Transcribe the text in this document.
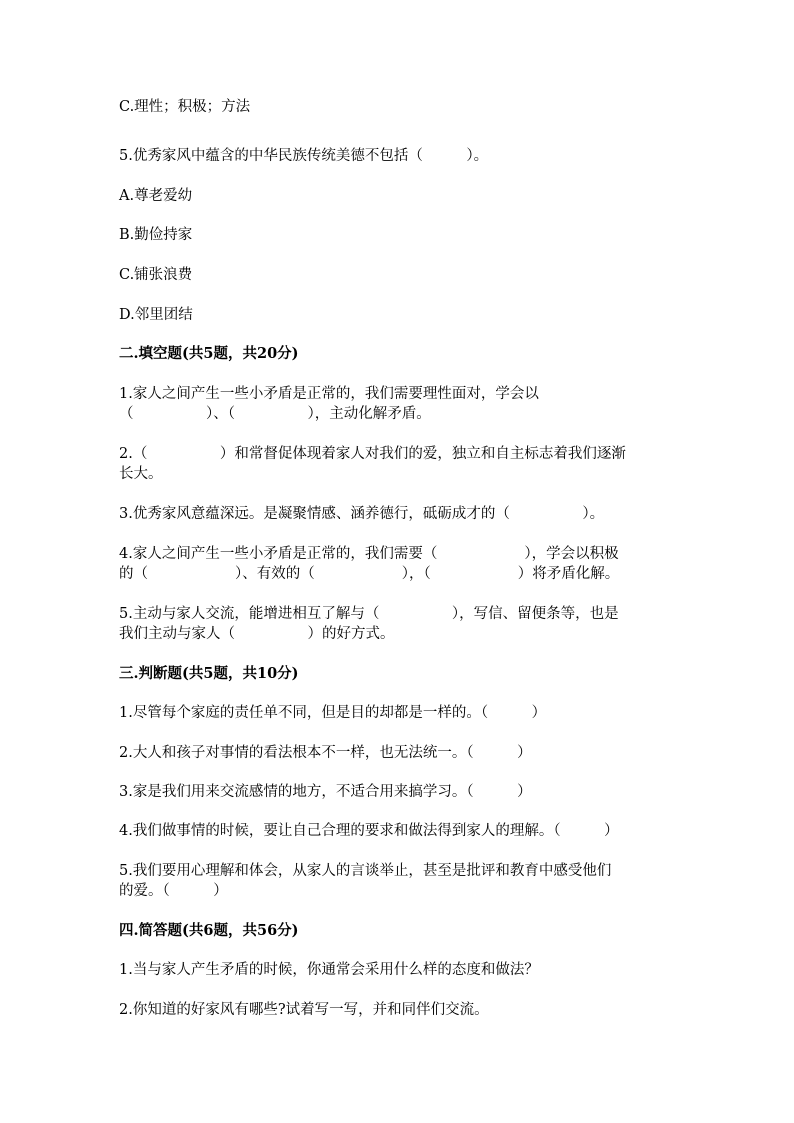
C.理性；积极；方法
5.优秀家风中蕴含的中华民族传统美德不包括（　　　）。
A.尊老爱幼
B.勤俭持家
C.铺张浪费
D.邻里团结
二.填空题(共5题，共20分)
1.家人之间产生一些小矛盾是正常的，我们需要理性面对，学会以
（　　　　　）、（　　　　　），主动化解矛盾。
2.（　　　　　）和常督促体现着家人对我们的爱，独立和自主标志着我们逐渐
长大。
3.优秀家风意蕴深远。是凝聚情感、涵养德行，砥砺成才的（　　　　　）。
4.家人之间产生一些小矛盾是正常的，我们需要（　　　　　　），学会以积极
的（　　　　　　）、有效的（　　　　　　），（　　　　　　）将矛盾化解。
5.主动与家人交流，能增进相互了解与（　　　　　），写信、留便条等，也是
我们主动与家人（　　　　　）的好方式。
三.判断题(共5题，共10分)
1.尽管每个家庭的责任单不同，但是目的却都是一样的。（　　　）
2.大人和孩子对事情的看法根本不一样，也无法统一。（　　　）
3.家是我们用来交流感情的地方，不适合用来搞学习。（　　　）
4.我们做事情的时候，要让自己合理的要求和做法得到家人的理解。（　　　）
5.我们要用心理解和体会，从家人的言谈举止，甚至是批评和教育中感受他们
的爱。（　　　）
四.简答题(共6题，共56分)
1.当与家人产生矛盾的时候，你通常会采用什么样的态度和做法？
2.你知道的好家风有哪些?试着写一写，并和同伴们交流。
